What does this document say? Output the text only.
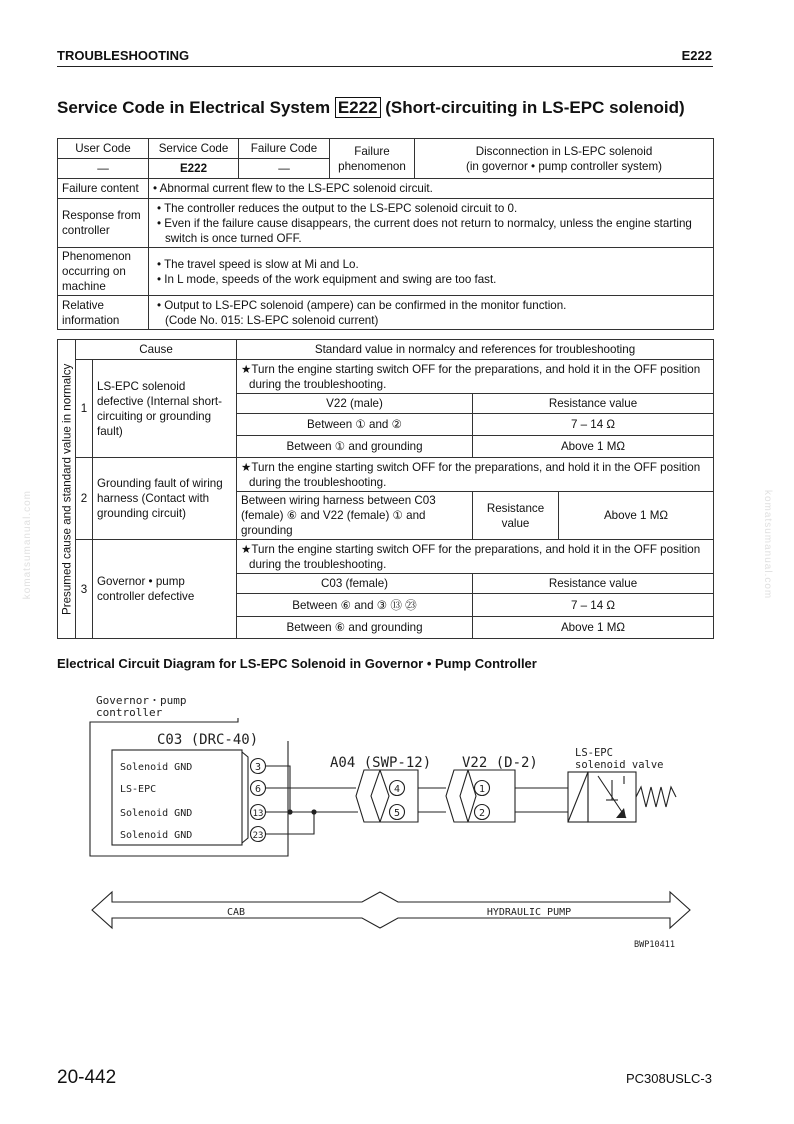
TROUBLESHOOTING	E222
komatsumanual.com	komatsumanual.com
Service Code in Electrical System E222 (Short-circuiting in LS-EPC solenoid)
User Code	Service Code	Failure Code	Failure phenomenon	Disconnection in LS-EPC solenoid
(in governor • pump controller system)

—	E222	—		
Failure content	• Abnormal current flew to the LS-EPC solenoid circuit.			
Response from controller	• The controller reduces the output to the LS-EPC solenoid circuit to 0.
• Even if the failure cause disappears, the current does not return to normalcy, unless the engine starting switch is once turned OFF.			

Phenomenon occurring on machine	• The travel speed is slow at Mi and Lo.
• In L mode, speeds of the work equipment and swing are too fast.			

Relative information	• Output to LS-EPC solenoid (ampere) can be confirmed in the monitor function.
(Code No. 015: LS-EPC solenoid current)			
Presumed cause and standard value in normalcy	Cause		Standard value in normalcy and references for troubleshooting		
	1	LS-EPC solenoid defective (Internal short-circuiting or grounding fault)	★Turn the engine starting switch OFF for the preparations, and hold it in the OFF position during the troubleshooting.		
			V22 (male)	Resistance value	
			Between ① and ②	7 – 14 Ω	
			Between ① and grounding	Above 1 MΩ	
	2	Grounding fault of wiring harness (Contact with grounding circuit)	★Turn the engine starting switch OFF for the preparations, and hold it in the OFF position during the troubleshooting.		
			Between wiring harness between C03 (female) ⑥ and V22 (female) ① and grounding	Resistance value	Above 1 MΩ
	3	Governor • pump controller defective	★Turn the engine starting switch OFF for the preparations, and hold it in the OFF position during the troubleshooting.		
			C03 (female)	Resistance value	
			Between ⑥ and ③ ⑬ ㉓	7 – 14 Ω	
			Between ⑥ and grounding	Above 1 MΩ	
Electrical Circuit Diagram for LS-EPC Solenoid in Governor • Pump Controller
Governor・pump
controller
C03 (DRC-40)
A04 (SWP-12) V22 (D-2)
LS-EPC
solenoid valve
Solenoid GND
LS-EPC
Solenoid GND
Solenoid GND
3
6
13
23
4
5
1
2
CAB	HYDRAULIC PUMP
BWP10411
20-442	PC308USLC-3
